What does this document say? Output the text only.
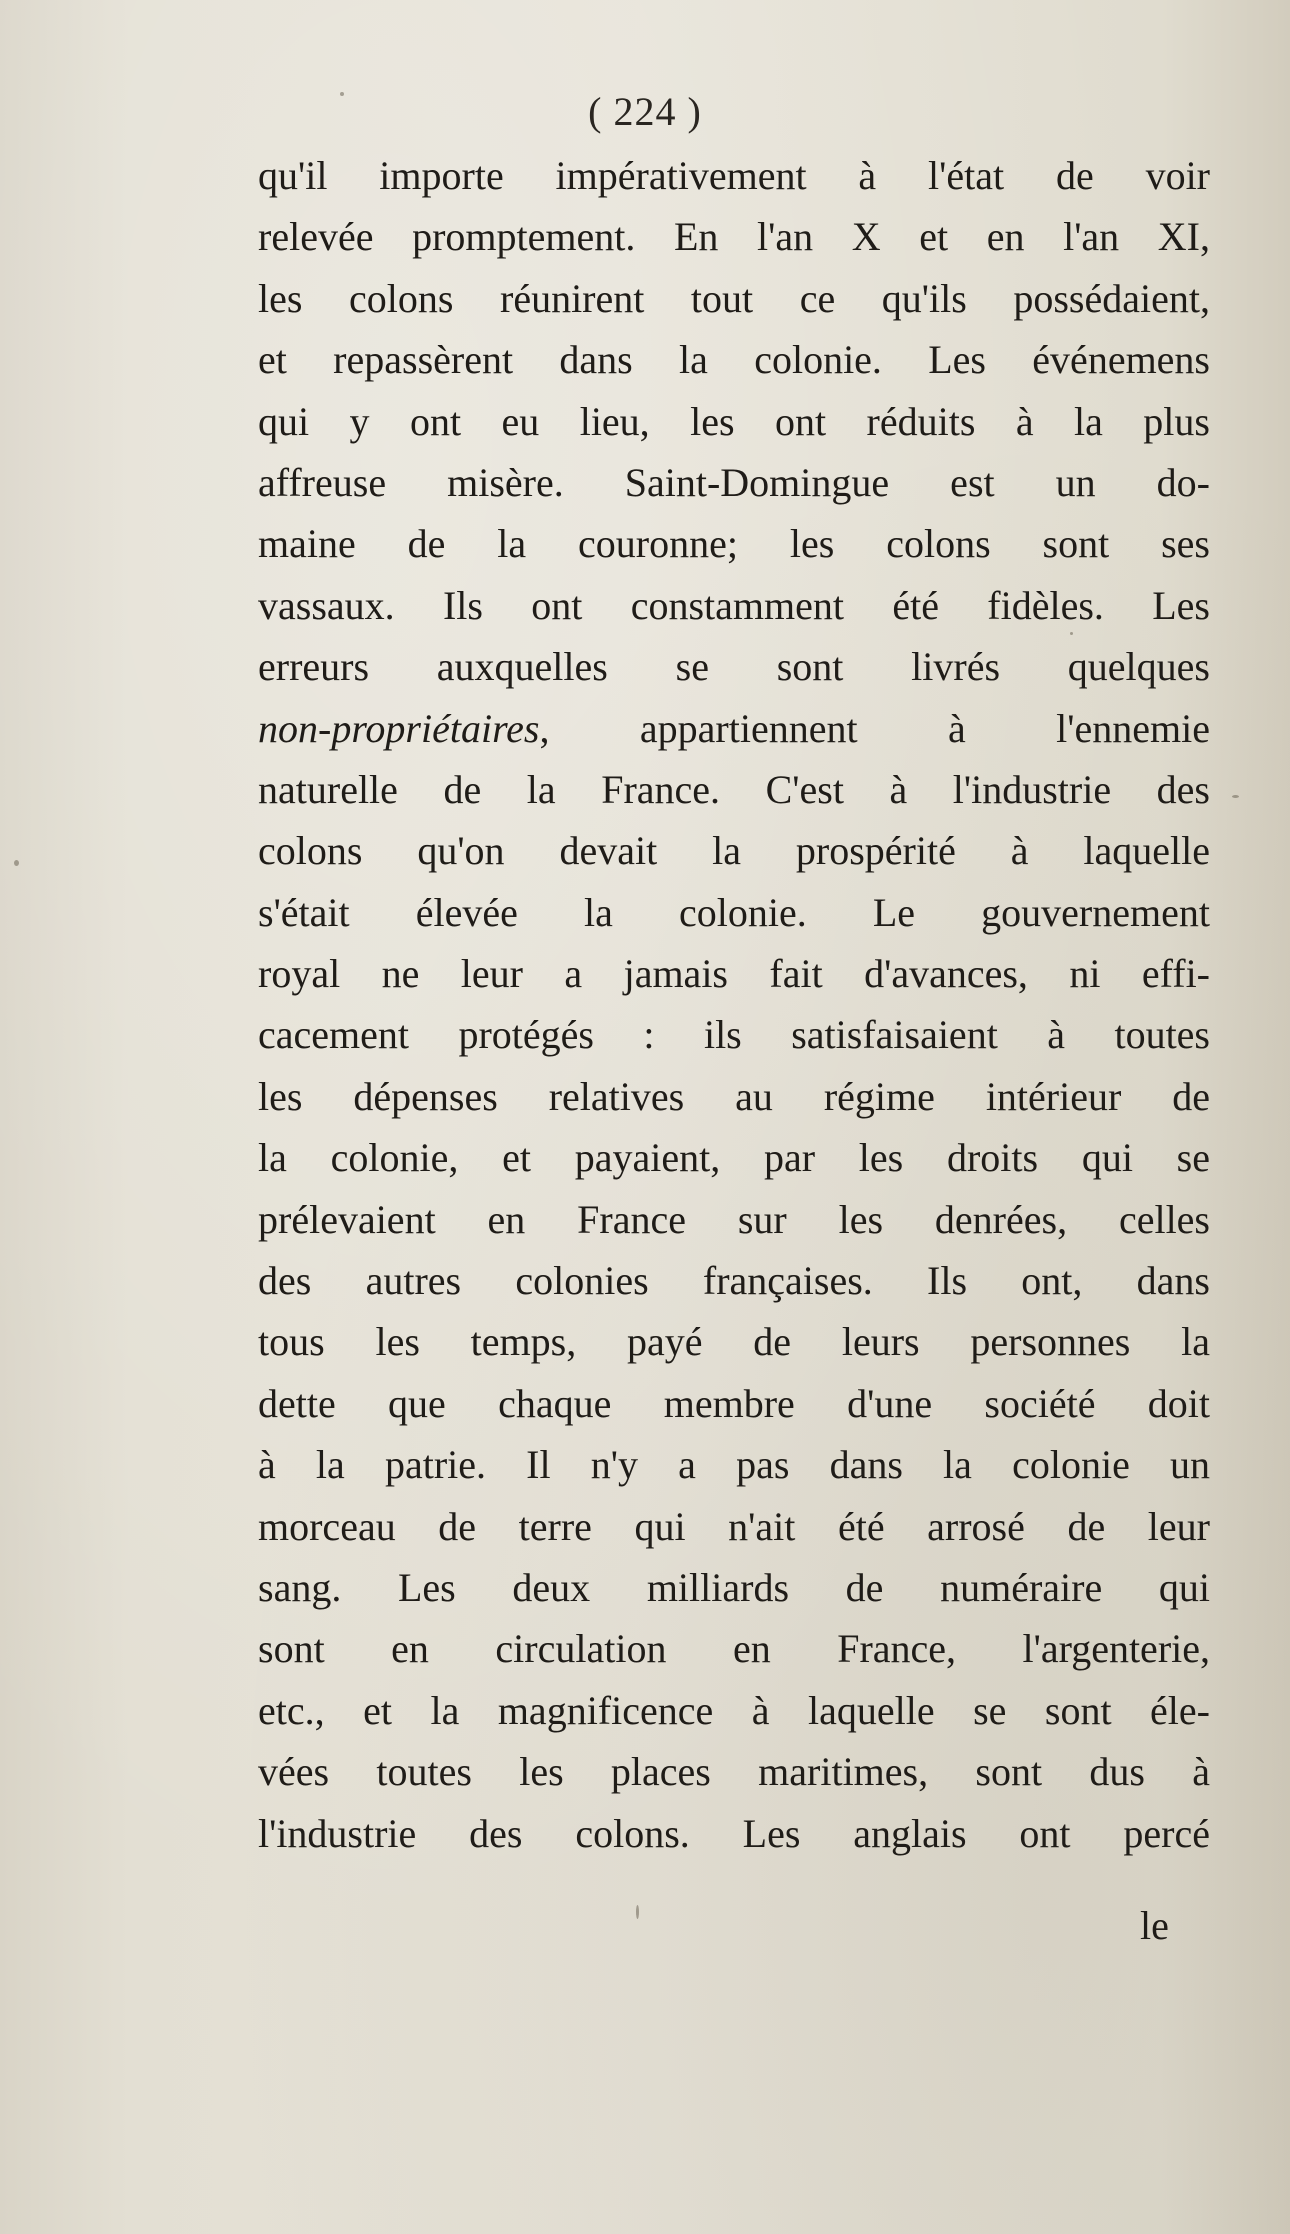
( 224 )
qu'il importe impérativement à l'état de voir
relevée promptement. En l'an X et en l'an XI,
les colons réunirent tout ce qu'ils possédaient,
et repassèrent dans la colonie. Les événemens
qui y ont eu lieu, les ont réduits à la plus
affreuse misère. Saint-Domingue est un do-
maine de la couronne; les colons sont ses
vassaux. Ils ont constamment été fidèles. Les
erreurs auxquelles se sont livrés quelques
non-propriétaires, appartiennent à l'ennemie
naturelle de la France. C'est à l'industrie des
colons qu'on devait la prospérité à laquelle
s'était élevée la colonie. Le gouvernement
royal ne leur a jamais fait d'avances, ni effi-
cacement protégés : ils satisfaisaient à toutes
les dépenses relatives au régime intérieur de
la colonie, et payaient, par les droits qui se
prélevaient en France sur les denrées, celles
des autres colonies françaises. Ils ont, dans
tous les temps, payé de leurs personnes la
dette que chaque membre d'une société doit
à la patrie. Il n'y a pas dans la colonie un
morceau de terre qui n'ait été arrosé de leur
sang. Les deux milliards de numéraire qui
sont en circulation en France, l'argenterie,
etc., et la magnificence à laquelle se sont éle-
vées toutes les places maritimes, sont dus à
l'industrie des colons. Les anglais ont percé
le
